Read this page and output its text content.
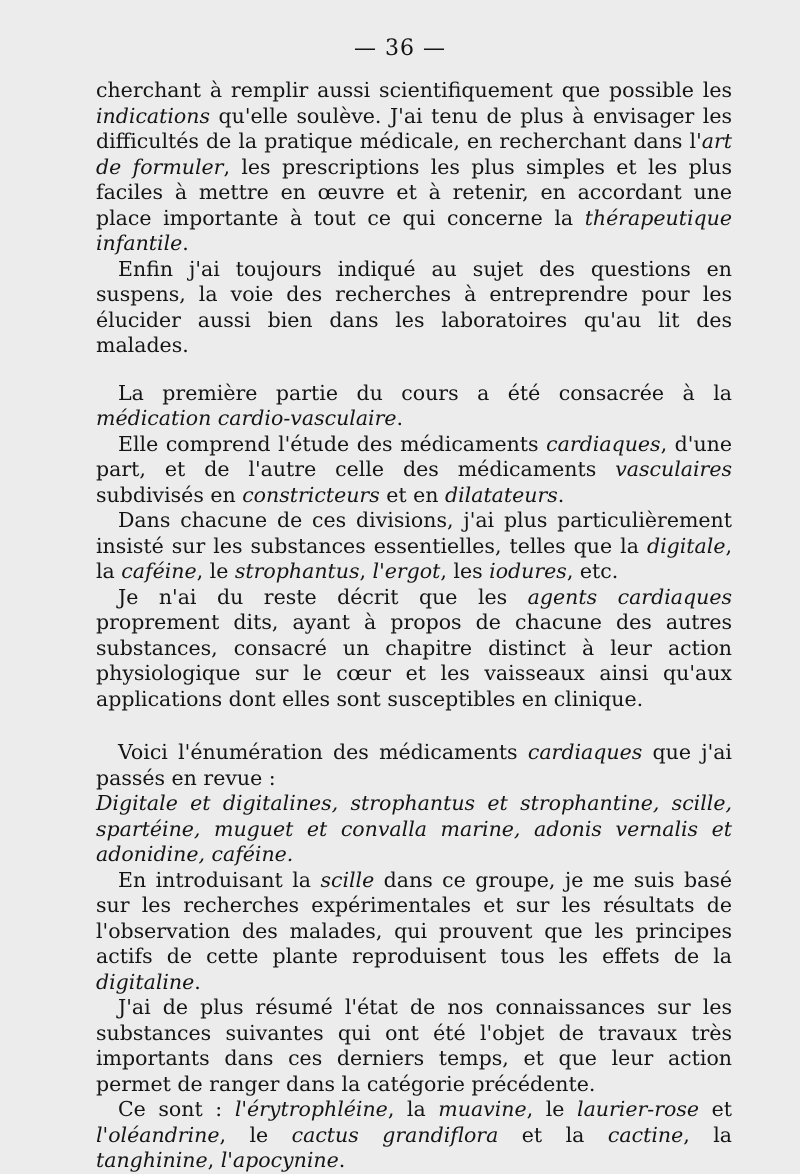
— 36 —

cherchant à remplir aussi scientifiquement que possible les indications qu'elle soulève. J'ai tenu de plus à envisager les difficultés de la pratique médicale, en recherchant dans l'art de formuler, les prescriptions les plus simples et les plus faciles à mettre en œuvre et à retenir, en accordant une place importante à tout ce qui concerne la thérapeutique infantile.

Enfin j'ai toujours indiqué au sujet des questions en suspens, la voie des recherches à entreprendre pour les élucider aussi bien dans les laboratoires qu'au lit des malades.

La première partie du cours a été consacrée à la médication cardio-vasculaire.

Elle comprend l'étude des médicaments cardiaques, d'une part, et de l'autre celle des médicaments vasculaires subdivisés en constricteurs et en dilatateurs.

Dans chacune de ces divisions, j'ai plus particulièrement insisté sur les substances essentielles, telles que la digitale, la caféine, le strophantus, l'ergot, les iodures, etc.

Je n'ai du reste décrit que les agents cardiaques proprement dits, ayant à propos de chacune des autres substances, consacré un chapitre distinct à leur action physiologique sur le cœur et les vaisseaux ainsi qu'aux applications dont elles sont susceptibles en clinique.

Voici l'énumération des médicaments cardiaques que j'ai passés en revue :

Digitale et digitalines, strophantus et strophantine, scille, spartéine, muguet et convalla marine, adonis vernalis et adonidine, caféine.

En introduisant la scille dans ce groupe, je me suis basé sur les recherches expérimentales et sur les résultats de l'observation des malades, qui prouvent que les principes actifs de cette plante reproduisent tous les effets de la digitaline.

J'ai de plus résumé l'état de nos connaissances sur les substances suivantes qui ont été l'objet de travaux très importants dans ces derniers temps, et que leur action permet de ranger dans la catégorie précédente.

Ce sont : l'érytrophléine, la muavine, le laurier-rose et l'oléandrine, le cactus grandiflora et la cactine, la tanghinine, l'apocynine.
